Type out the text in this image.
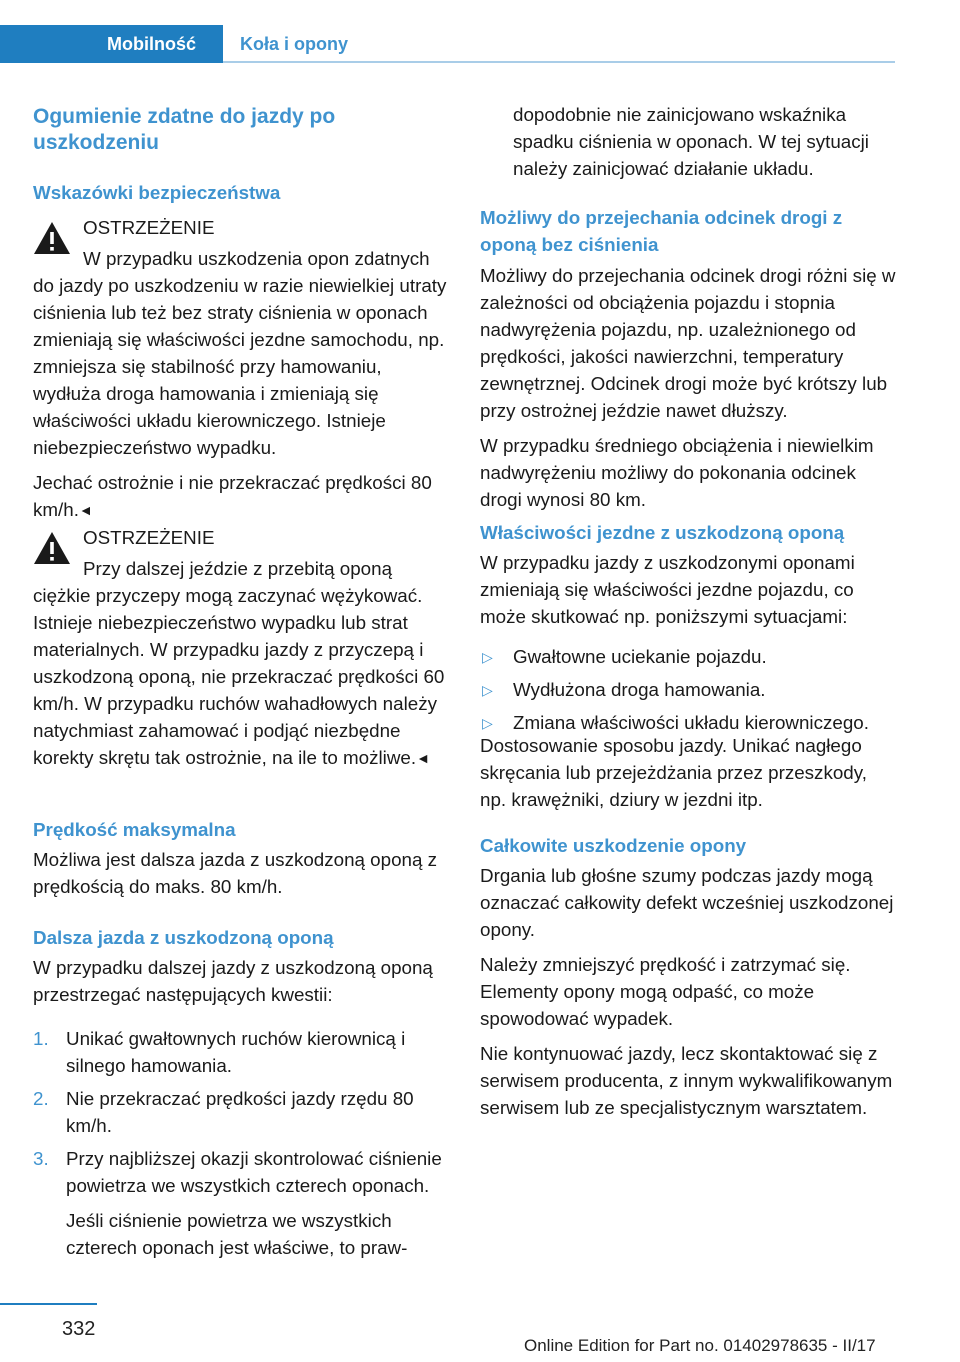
Mobilność	Koła i opony
Ogumienie zdatne do jazdy po uszkodzeniu
Wskazówki bezpieczeństwa

OSTRZEŻENIE

W przypadku uszkodzenia opon zdatnych do jazdy po uszkodzeniu w razie niewielkiej utraty ciśnienia lub też bez straty ciśnienia w oponach zmieniają się właściwości jezdne samochodu, np. zmniejsza się stabilność przy hamowaniu, wydłuża droga hamowania i zmieniają się właściwości układu kierowniczego. Istnieje niebezpieczeństwo wypadku.

Jechać ostrożnie i nie przekraczać prędkości 80 km/h.◄

OSTRZEŻENIE

Przy dalszej jeździe z przebitą oponą ciężkie przyczepy mogą zaczynać wężykować. Istnieje niebezpieczeństwo wypadku lub strat materialnych. W przypadku jazdy z przyczepą i uszkodzoną oponą, nie przekraczać prędkości 60 km/h. W przypadku ruchów wahadłowych należy natychmiast zahamować i podjąć niezbędne korekty skrętu tak ostrożnie, na ile to możliwe.◄

Prędkość maksymalna

Możliwa jest dalsza jazda z uszkodzoną oponą z prędkością do maks. 80 km/h.

Dalsza jazda z uszkodzoną oponą

W przypadku dalszej jazdy z uszkodzoną oponą przestrzegać następujących kwestii:

1. Unikać gwałtownych ruchów kierownicą i silnego hamowania.
2. Nie przekraczać prędkości jazdy rzędu 80 km/h.
3. Przy najbliższej okazji skontrolować ciśnienie powietrza we wszystkich czterech oponach.

Jeśli ciśnienie powietrza we wszystkich czterech oponach jest właściwe, to praw-

dopodobnie nie zainicjowano wskaźnika spadku ciśnienia w oponach. W tej sytuacji należy zainicjować działanie układu.

Możliwy do przejechania odcinek drogi z oponą bez ciśnienia

Możliwy do przejechania odcinek drogi różni się w zależności od obciążenia pojazdu i stopnia nadwyrężenia pojazdu, np. uzależnionego od prędkości, jakości nawierzchni, temperatury zewnętrznej. Odcinek drogi może być krótszy lub przy ostrożnej jeździe nawet dłuższy.

W przypadku średniego obciążenia i niewielkim nadwyrężeniu możliwy do pokonania odcinek drogi wynosi 80 km.

Właściwości jezdne z uszkodzoną oponą

W przypadku jazdy z uszkodzonymi oponami zmieniają się właściwości jezdne pojazdu, co może skutkować np. poniższymi sytuacjami:

▷ Gwałtowne uciekanie pojazdu.
▷ Wydłużona droga hamowania.
▷ Zmiana właściwości układu kierowniczego.

Dostosowanie sposobu jazdy. Unikać nagłego skręcania lub przejeżdżania przez przeszkody, np. krawężniki, dziury w jezdni itp.

Całkowite uszkodzenie opony

Drgania lub głośne szumy podczas jazdy mogą oznaczać całkowity defekt wcześniej uszkodzonej opony.

Należy zmniejszyć prędkość i zatrzymać się. Elementy opony mogą odpaść, co może spowodować wypadek.

Nie kontynuować jazdy, lecz skontaktować się z serwisem producenta, z innym wykwalifikowanym serwisem lub ze specjalistycznym warsztatem.

332
Online Edition for Part no. 01402978635 - II/17
